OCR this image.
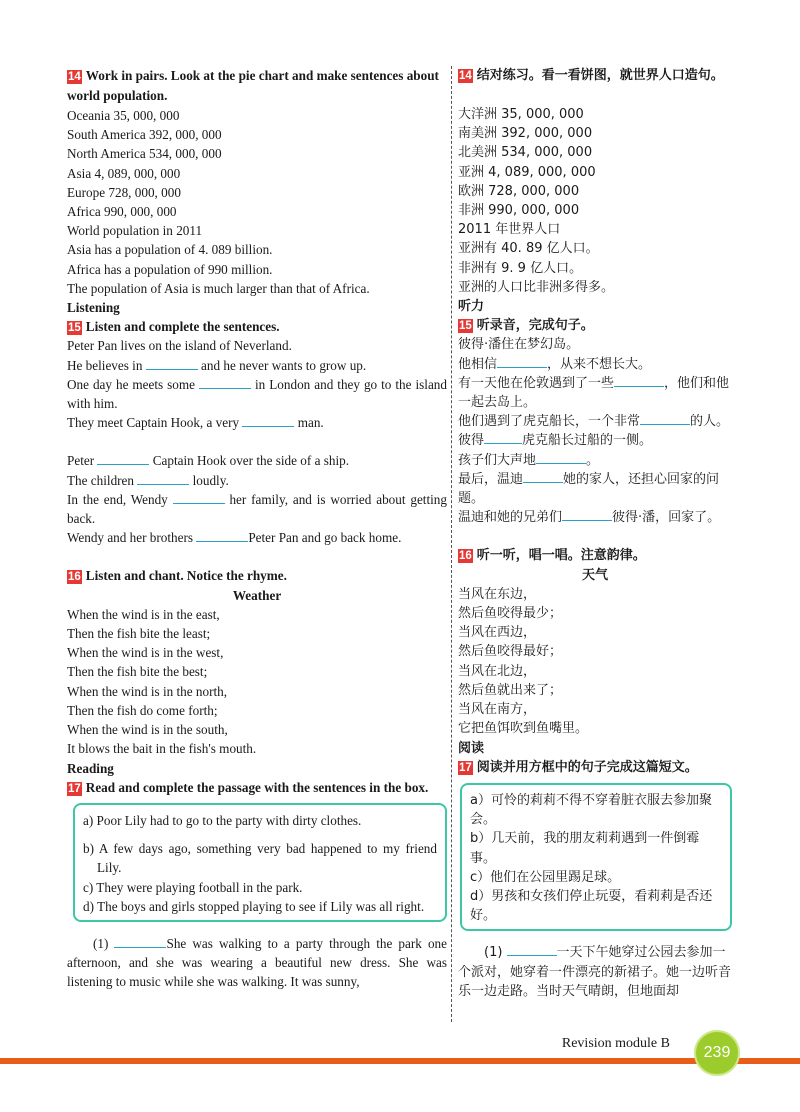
14 Work in pairs. Look at the pie chart and make sentences about world population.
Oceania 35, 000, 000
South America 392, 000, 000
North America 534, 000, 000
Asia 4, 089, 000, 000
Europe 728, 000, 000
Africa 990, 000, 000
World population in 2011
Asia has a population of 4. 089 billion.
Africa has a population of 990 million.
The population of Asia is much larger than that of Africa.
Listening
15 Listen and complete the sentences.
Peter Pan lives on the island of Neverland.
He believes in	and he never wants to grow up.
One day he meets some	in London and they go to the island with him.
They meet Captain Hook, a very	man.
Peter	Captain Hook over the side of a ship.
The children	loudly.
In the end, Wendy	her family, and is worried about getting back.
Wendy and her brothers	Peter Pan and go back home.
16 Listen and chant. Notice the rhyme.
Weather
When the wind is in the east,
Then the fish bite the least;
When the wind is in the west,
Then the fish bite the best;
When the wind is in the north,
Then the fish do come forth;
When the wind is in the south,
It blows the bait in the fish's mouth.
Reading
17 Read and complete the passage with the sentences in the box.
a) Poor Lily had to go to the party with dirty clothes.
b) A few days ago, something very bad happened to my friend Lily.
c) They were playing football in the park.
d) The boys and girls stopped playing to see if Lily was all right.
(1)	She was walking to a party through the park one afternoon, and she was wearing a beautiful new dress. She was listening to music while she was walking. It was sunny,
14 结对练习。看一看饼图，就世界人口造句。
大洋洲 35, 000, 000
南美洲 392, 000, 000
北美洲 534, 000, 000
亚洲 4, 089, 000, 000
欧洲 728, 000, 000
非洲 990, 000, 000
2011 年世界人口
亚洲有 40. 89 亿人口。
非洲有 9. 9 亿人口。
亚洲的人口比非洲多得多。
听力
15 听录音，完成句子。
彼得·潘住在梦幻岛。
他相信	，从来不想长大。
有一天他在伦敦遇到了一些	，他们和他一起去岛上。
他们遇到了虎克船长，一个非常	的人。
彼得	虎克船长过船的一侧。
孩子们大声地	。
最后，温迪	她的家人，还担心回家的问题。
温迪和她的兄弟们	彼得·潘，回家了。
16 听一听，唱一唱。注意韵律。
天气
当风在东边，
然后鱼咬得最少；
当风在西边，
然后鱼咬得最好；
当风在北边，
然后鱼就出来了；
当风在南方，
它把鱼饵吹到鱼嘴里。
阅读
17 阅读并用方框中的句子完成这篇短文。
a）可怜的莉莉不得不穿着脏衣服去参加聚会。
b）几天前，我的朋友莉莉遇到一件倒霉事。
c）他们在公园里踢足球。
d）男孩和女孩们停止玩耍，看莉莉是否还好。
(1)	一天下午她穿过公园去参加一个派对，她穿着一件漂亮的新裙子。她一边听音乐一边走路。当时天气晴朗，但地面却
Revision module B
239
